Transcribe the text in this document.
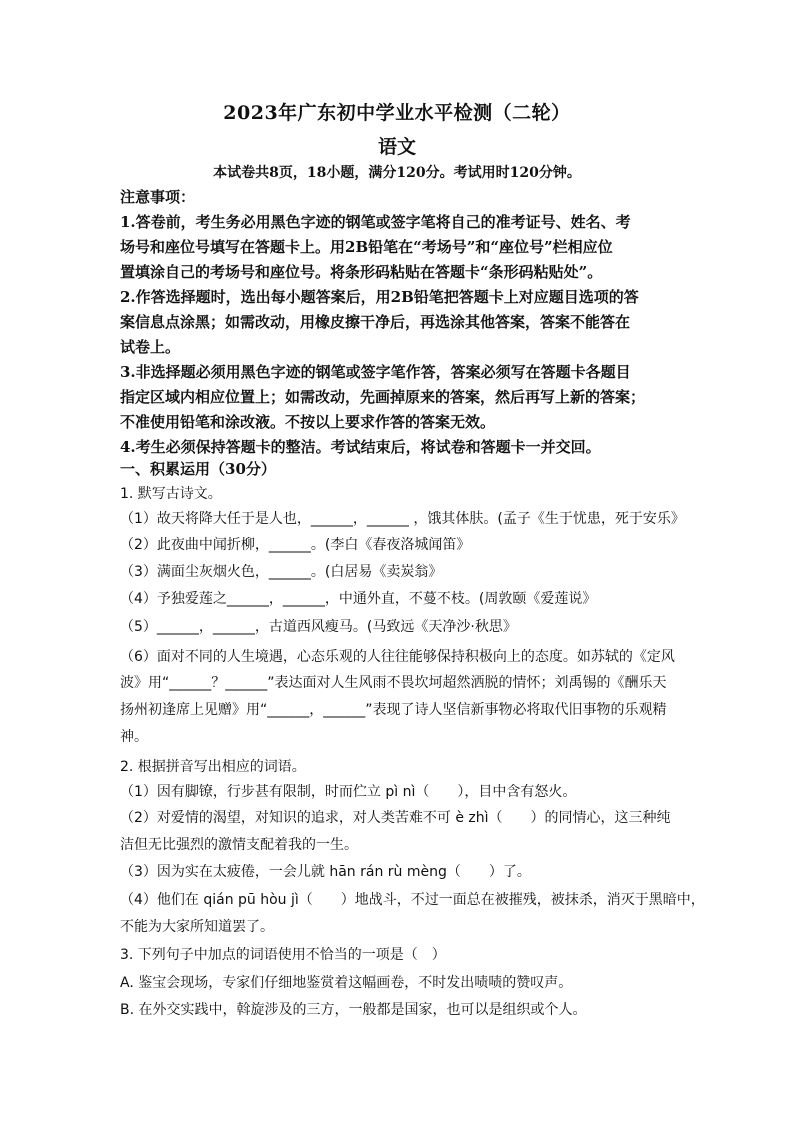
2023年广东初中学业水平检测（二轮）
语文
本试卷共8页，18小题，满分120分。考试用时120分钟。
注意事项：
1.答卷前，考生务必用黑色字迹的钢笔或签字笔将自己的准考证号、姓名、考
场号和座位号填写在答题卡上。用2B铅笔在“考场号”和“座位号”栏相应位
置填涂自己的考场号和座位号。将条形码粘贴在答题卡“条形码粘贴处”。
2.作答选择题时，选出每小题答案后，用2B铅笔把答题卡上对应题目选项的答
案信息点涂黑；如需改动，用橡皮擦干净后，再选涂其他答案，答案不能答在
试卷上。
3.非选择题必须用黑色字迹的钢笔或签字笔作答，答案必须写在答题卡各题目
指定区域内相应位置上；如需改动，先画掉原来的答案，然后再写上新的答案；
不准使用铅笔和涂改液。不按以上要求作答的答案无效。
4.考生必须保持答题卡的整洁。考试结束后，将试卷和答题卡一并交回。
一、积累运用（30分）
1. 默写古诗文。
（1）故天将降大任于是人也，______，______ ，饿其体肤。(孟子《生于忧患，死于安乐》
（2）此夜曲中闻折柳，______。(李白《春夜洛城闻笛》
（3）满面尘灰烟火色，______。(白居易《卖炭翁》
（4）予独爱莲之______，______，中通外直，不蔓不枝。(周敦颐《爱莲说》
（5）______，______，古道西风瘦马。(马致远《天净沙·秋思》
（6）面对不同的人生境遇，心态乐观的人往往能够保持积极向上的态度。如苏轼的《定风
波》用“______？______”表达面对人生风雨不畏坎坷超然洒脱的情怀；刘禹锡的《酬乐天
扬州初逢席上见赠》用“______，______”表现了诗人坚信新事物必将取代旧事物的乐观精
神。
2. 根据拼音写出相应的词语。
（1）因有脚镣，行步甚有限制，时而伫立 pì nì（　　），目中含有怒火。
（2）对爱情的渴望，对知识的追求，对人类苦难不可 è zhì（　　）的同情心，这三种纯
洁但无比强烈的激情支配着我的一生。
（3）因为实在太疲倦，一会儿就 hān rán rù mèng（　　）了。
（4）他们在 qián pū hòu jì（　　）地战斗，不过一面总在被摧残，被抹杀，消灭于黑暗中，
不能为大家所知道罢了。
3. 下列句子中加点的词语使用不恰当的一项是（　）
A. 鉴宝会现场，专家们仔细地鉴赏着这幅画卷，不时发出啧啧的赞叹声。
B. 在外交实践中，斡旋涉及的三方，一般都是国家，也可以是组织或个人。
